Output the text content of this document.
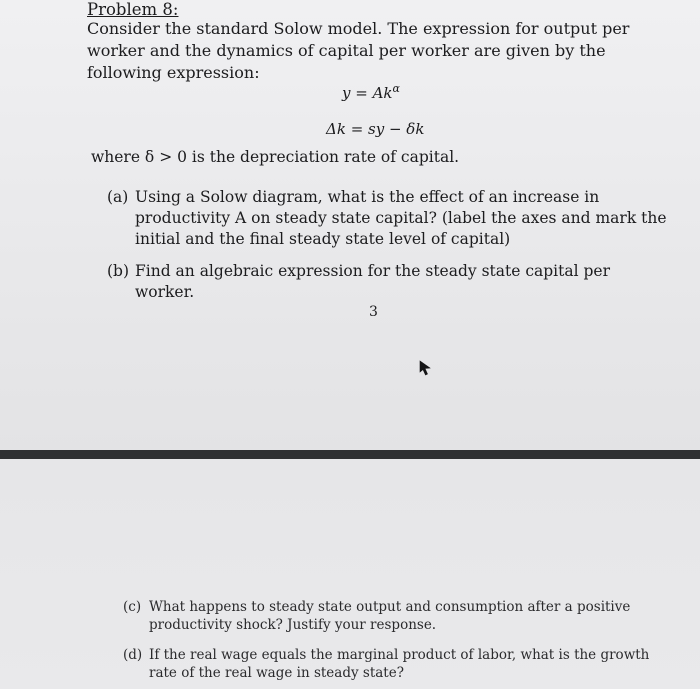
Problem 8:
Consider the standard Solow model. The expression for output per worker and the dynamics of capital per worker are given by the following expression:
$y = Ak^\alpha$
Δk = sy − δk
where δ > 0 is the depreciation rate of capital.
(a) Using a Solow diagram, what is the effect of an increase in productivity A on steady state capital? (label the axes and mark the initial and the final steady state level of capital)
(b) Find an algebraic expression for the steady state capital per worker.
3
(c) What happens to steady state output and consumption after a positive productivity shock? Justify your response.
(d) If the real wage equals the marginal product of labor, what is the growth rate of the real wage in steady state?
